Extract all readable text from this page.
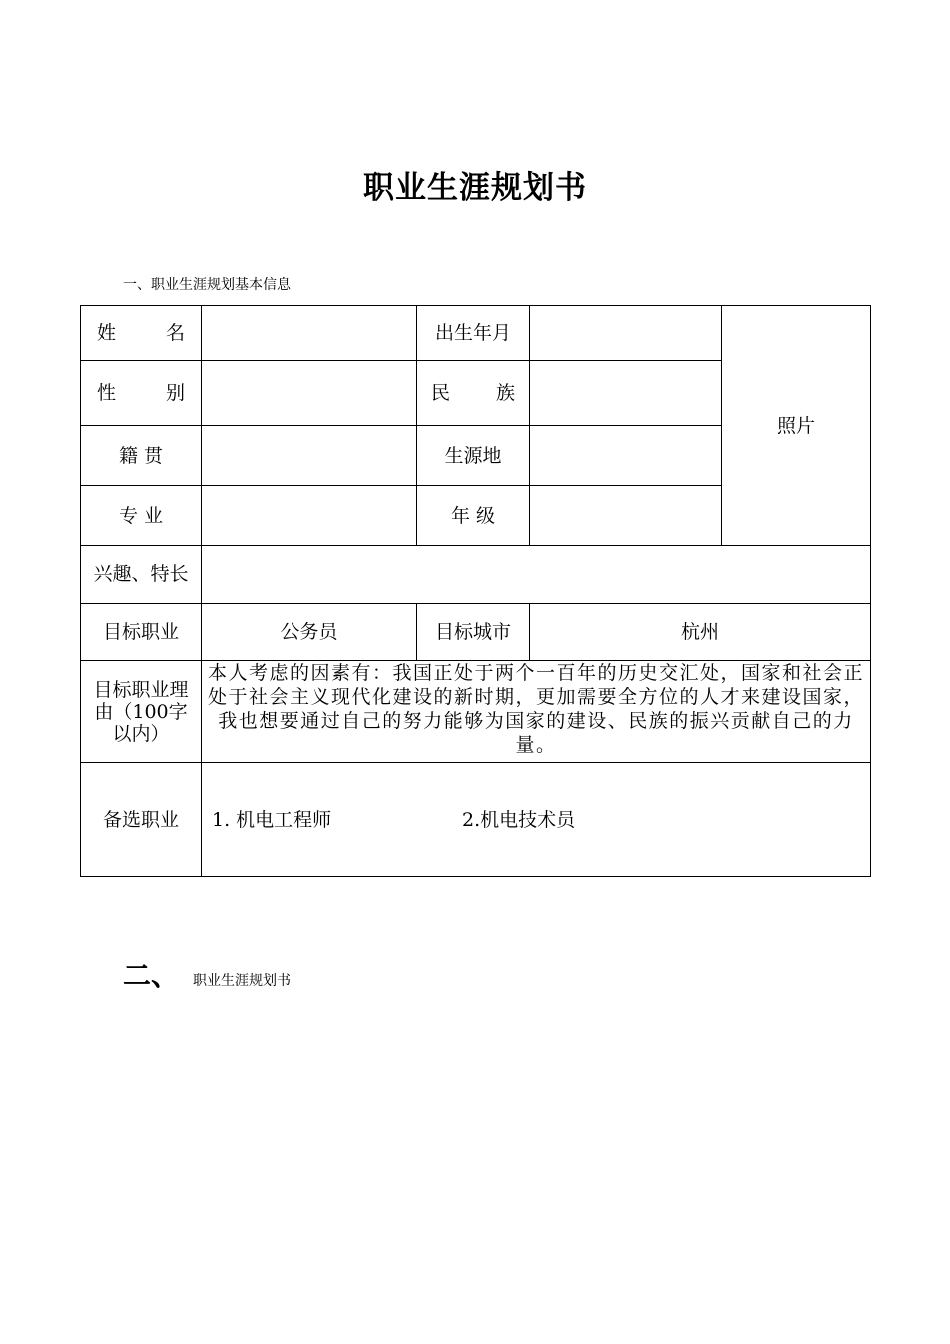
职业生涯规划书
一、职业生涯规划基本信息
姓 名		出生年月		照片

性 别		民 族		

籍 贯		生源地		
专 业		年 级		
兴趣、特长				
目标职业	公务员	目标城市	杭州	

目标职业理由（100字以内）	本人考虑的因素有：我国正处于两个一百年的历史交汇处，国家和社会正处于社会主义现代化建设的新时期，更加需要全方位的人才来建设国家，我也想要通过自己的努力能够为国家的建设、民族的振兴贡献自己的力量。			
备选职业	1. 机电工程师 2.机电技术员			
二、 职业生涯规划书
